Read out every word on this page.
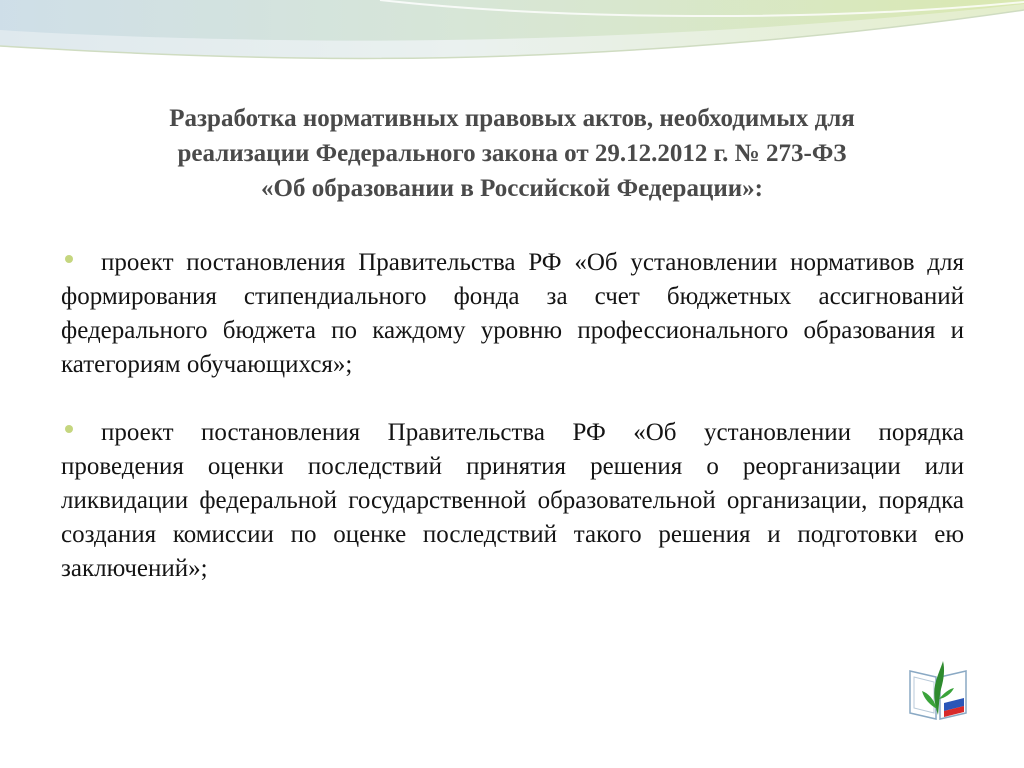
Разработка нормативных правовых актов, необходимых для
реализации Федерального закона от 29.12.2012 г. № 273-ФЗ
«Об образовании в Российской Федерации»:

проект постановления Правительства РФ «Об установлении нормативов для формирования стипендиального фонда за счет бюджетных ассигнований федерального бюджета по каждому уровню профессионального образования и категориям обучающихся»;

проект постановления Правительства РФ «Об установлении порядка проведения оценки последствий принятия решения о реорганизации или ликвидации федеральной государственной образовательной организации, порядка создания комиссии по оценке последствий такого решения и подготовки ею заключений»;
